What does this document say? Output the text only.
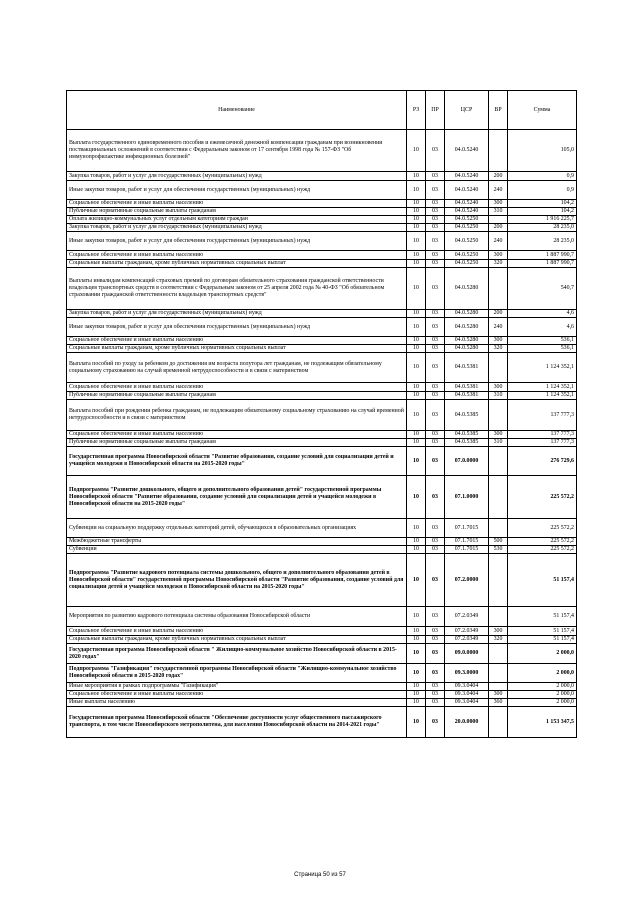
Наименование	РЗ	ПР	ЦСР	ВР	Сумма
Выплата государственного единовременного пособия и ежемесячной денежной компенсации гражданам при возникновении поствакцинальных осложнений в соответствии с Федеральным законом от 17 сентября 1998 года № 157-ФЗ "Об иммунопрофилактике инфекционных болезней"	10	03	04.0.5240		105,0
Закупка товаров, работ и услуг для государственных (муниципальных) нужд	10	03	04.0.5240	200	0,9
Иные закупки товаров, работ и услуг для обеспечения государственных (муниципальных) нужд	10	03	04.0.5240	240	0,9
Социальное обеспечение и иные выплаты населению	10	03	04.0.5240	300	104,2
Публичные нормативные социальные выплаты гражданам	10	03	04.0.5240	310	104,2
Оплата жилищно-коммунальных услуг отдельным категориям граждан	10	03	04.0.5250		1 916 225,7
Закупка товаров, работ и услуг для государственных (муниципальных) нужд	10	03	04.0.5250	200	28 235,0
Иные закупки товаров, работ и услуг для обеспечения государственных (муниципальных) нужд	10	03	04.0.5250	240	28 235,0
Социальное обеспечение и иные выплаты населению	10	03	04.0.5250	300	1 887 990,7
Социальные выплаты гражданам, кроме публичных нормативных социальных выплат	10	03	04.0.5250	320	1 887 990,7
Выплаты инвалидам компенсаций страховых премий по договорам обязательного страхования гражданской ответственности владельцев транспортных средств в соответствии с Федеральным законом от 25 апреля 2002 года № 40-ФЗ "Об обязательном страховании гражданской ответственности владельцев транспортных средств"	10	03	04.0.5280		540,7
Закупка товаров, работ и услуг для государственных (муниципальных) нужд	10	03	04.0.5280	200	4,6
Иные закупки товаров, работ и услуг для обеспечения государственных (муниципальных) нужд	10	03	04.0.5280	240	4,6
Социальное обеспечение и иные выплаты населению	10	03	04.0.5280	300	536,1
Социальные выплаты гражданам, кроме публичных нормативных социальных выплат	10	03	04.0.5280	320	536,1
Выплата пособий по уходу за ребенком до достижения им возраста полутора лет гражданам, не подлежащим обязательному социальному страхованию на случай временной нетрудоспособности и в связи с материнством	10	03	04.0.5381		1 124 352,1
Социальное обеспечение и иные выплаты населению	10	03	04.0.5381	300	1 124 352,1
Публичные нормативные социальные выплаты гражданам	10	03	04.0.5381	310	1 124 352,1
Выплата пособий при рождении ребенка гражданам, не подлежащим обязательному социальному страхованию на случай временной нетрудоспособности и в связи с материнством	10	03	04.0.5385		137 777,3
Социальное обеспечение и иные выплаты населению	10	03	04.0.5385	300	137 777,3
Публичные нормативные социальные выплаты гражданам	10	03	04.0.5385	310	137 777,3
Государственная программа Новосибирской области "Развитие образования, создание условий для социализации детей и учащейся молодежи в Новосибирской области на 2015-2020 годы"	10	03	07.0.0000		276 729,6
Подпрограмма "Развитие дошкольного, общего и дополнительного образования детей" государственной программы Новосибирской области "Развитие образования, создание условий для социализации детей и учащейся молодежи в Новосибирской области на 2015-2020 годы"	10	03	07.1.0000		225 572,2
Субвенции на социальную поддержку отдельных категорий детей, обучающихся в образовательных организациях	10	03	07.1.7015		225 572,2
Межбюджетные трансферты	10	03	07.1.7015	500	225 572,2
Субвенции	10	03	07.1.7015	530	225 572,2
Подпрограмма "Развитие кадрового потенциала системы дошкольного, общего и дополнительного образования детей в Новосибирской области" государственной программы Новосибирской области "Развитие образования, создание условий для социализации детей и учащейся молодежи в Новосибирской области на 2015-2020 годы"	10	03	07.2.0000		51 157,4
Мероприятия по развитию кадрового потенциала системы образования Новосибирской области	10	03	07.2.0349		51 157,4
Социальное обеспечение и иные выплаты населению	10	03	07.2.0349	300	51 157,4
Социальные выплаты гражданам, кроме публичных нормативных социальных выплат	10	03	07.2.0349	320	51 157,4
Государственная программа Новосибирской области " Жилищно-коммунальное хозяйство Новосибирской области в 2015-2020 годах"	10	03	09.0.0000		2 000,0
Подпрограмма "Газификация" государственной программы Новосибирской области "Жилищно-коммунальное хозяйство Новосибирской области в 2015-2020 годах"	10	03	09.3.0000		2 000,0
Иные мероприятия в рамках подпрограммы "Газификация"	10	03	09.3.0404		2 000,0
Социальное обеспечение и иные выплаты населению	10	03	09.3.0404	300	2 000,0
Иные выплаты населению	10	03	09.3.0404	360	2 000,0
Государственная программа Новосибирской области "Обеспечение доступности услуг общественного пассажирского транспорта, в том числе Новосибирского метрополитена, для населения Новосибирской области на 2014-2021 годы"	10	03	20.0.0000		1 153 347,5
Страница 50 из 57
